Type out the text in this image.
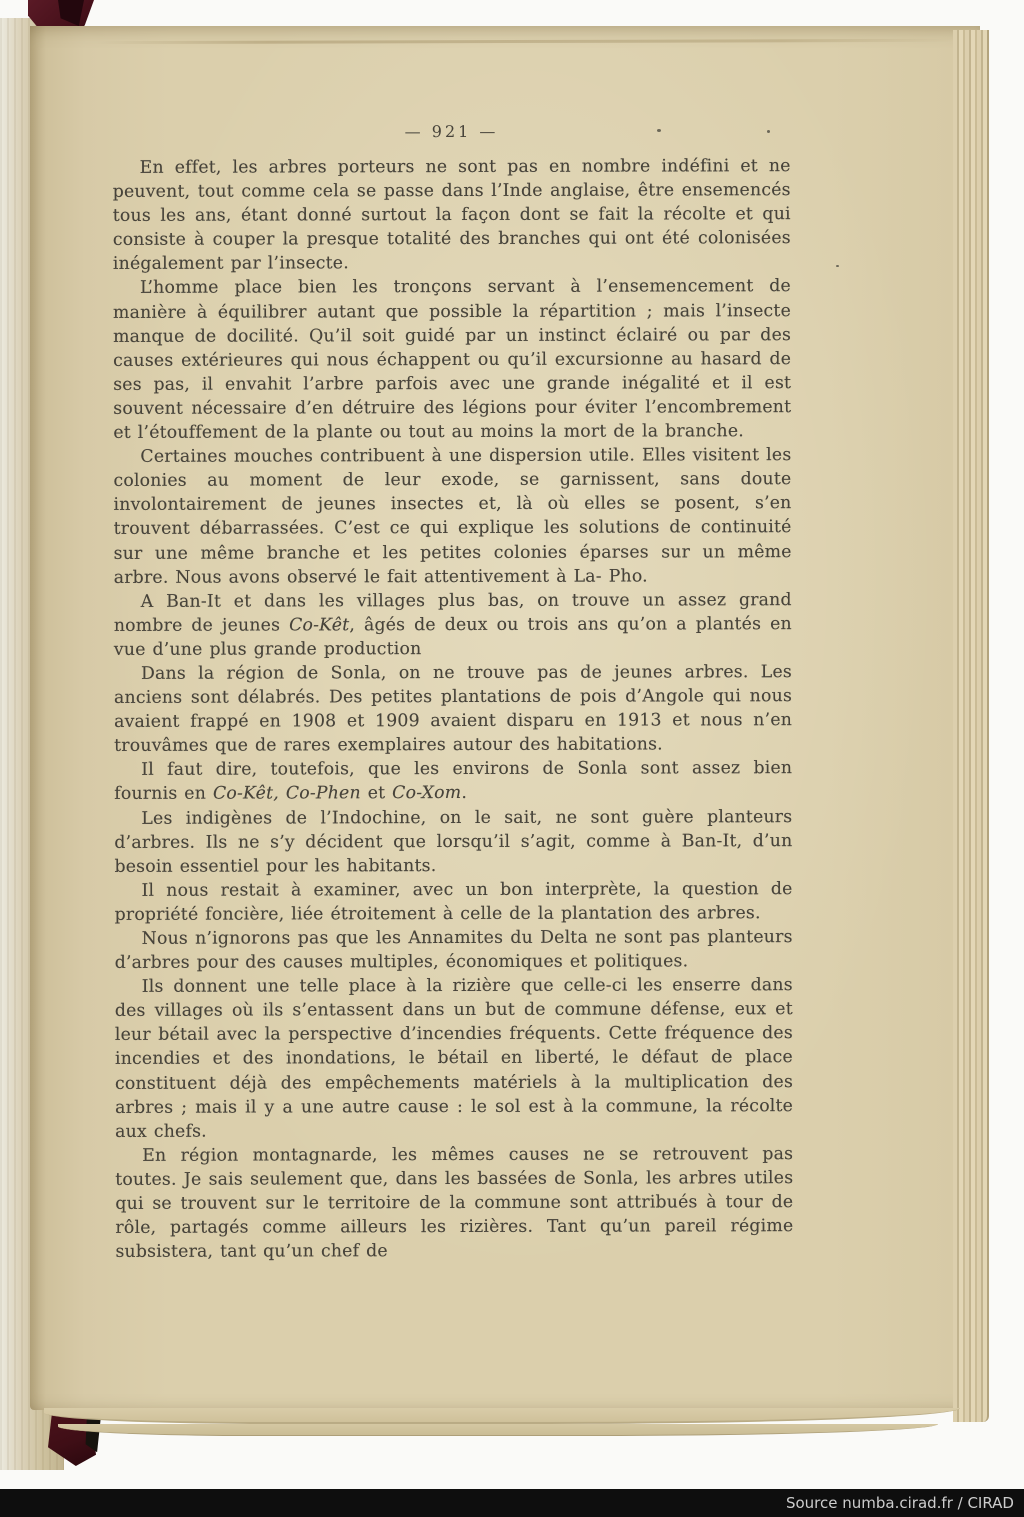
— 921 —

En effet, les arbres porteurs ne sont pas en nombre indéfini et ne peuvent, tout comme cela se passe dans l’Inde anglaise, être ensemencés tous les ans, étant donné surtout la façon dont se fait la récolte et qui consiste à couper la presque totalité des branches qui ont été colonisées inégalement par l’insecte.

L’homme place bien les tronçons servant à l’ensemencement de manière à équilibrer autant que possible la répartition ; mais l’insecte manque de docilité. Qu’il soit guidé par un instinct éclairé ou par des causes extérieures qui nous échappent ou qu’il excursionne au hasard de ses pas, il envahit l’arbre parfois avec une grande inégalité et il est souvent nécessaire d’en détruire des légions pour éviter l’encombrement et l’étouffement de la plante ou tout au moins la mort de la branche.

Certaines mouches contribuent à une dispersion utile. Elles visitent les colonies au moment de leur exode, se garnissent, sans doute involontairement de jeunes insectes et, là où elles se posent, s’en trouvent débarrassées. C’est ce qui explique les solutions de continuité sur une même branche et les petites colonies éparses sur un même arbre. Nous avons observé le fait attentivement à La- Pho.

A Ban-It et dans les villages plus bas, on trouve un assez grand nombre de jeunes Co-Kêt, âgés de deux ou trois ans qu’on a plantés en vue d’une plus grande production

Dans la région de Sonla, on ne trouve pas de jeunes arbres. Les anciens sont délabrés. Des petites plantations de pois d’Angole qui nous avaient frappé en 1908 et 1909 avaient disparu en 1913 et nous n’en trouvâmes que de rares exemplaires autour des habitations.

Il faut dire, toutefois, que les environs de Sonla sont assez bien fournis en Co-Kêt, Co-Phen et Co-Xom.

Les indigènes de l’Indochine, on le sait, ne sont guère planteurs d’arbres. Ils ne s’y décident que lorsqu’il s’agit, comme à Ban-It, d’un besoin essentiel pour les habitants.

Il nous restait à examiner, avec un bon interprète, la question de propriété foncière, liée étroitement à celle de la plantation des arbres.

Nous n’ignorons pas que les Annamites du Delta ne sont pas planteurs d’arbres pour des causes multiples, économiques et politiques.

Ils donnent une telle place à la rizière que celle-ci les enserre dans des villages où ils s’entassent dans un but de commune défense, eux et leur bétail avec la perspective d’incendies fréquents. Cette fréquence des incendies et des inondations, le bétail en liberté, le défaut de place constituent déjà des empêchements matériels à la multiplication des arbres ; mais il y a une autre cause : le sol est à la commune, la récolte aux chefs.

En région montagnarde, les mêmes causes ne se retrouvent pas toutes. Je sais seulement que, dans les bassées de Sonla, les arbres utiles qui se trouvent sur le territoire de la commune sont attribués à tour de rôle, partagés comme ailleurs les rizières. Tant qu’un pareil régime subsistera, tant qu’un chef de

Source numba.cirad.fr / CIRAD
